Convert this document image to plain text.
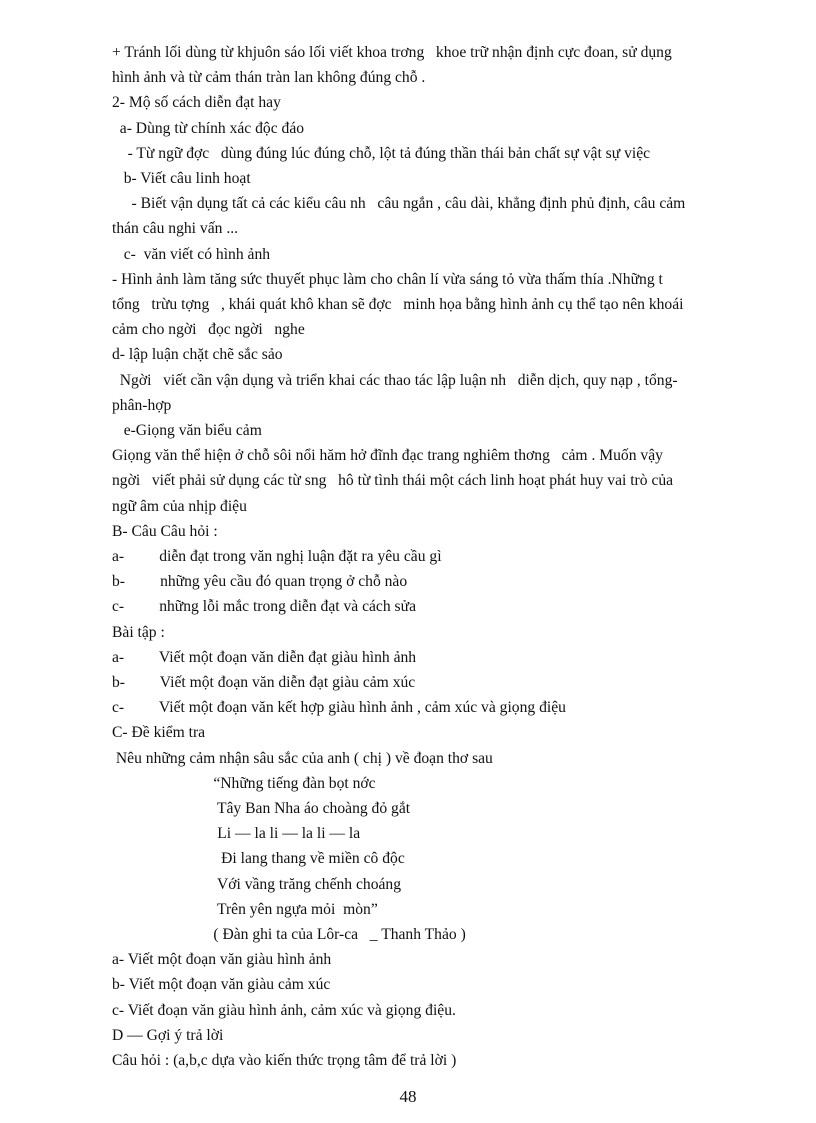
+ Tránh lối dùng từ khjuôn sáo lối viết khoa trơng   khoe trữ nhận định cực đoan, sử dụng
hình ảnh và từ cảm thán tràn lan không đúng chỗ .
2- Mộ số cách diễn đạt hay
a- Dùng từ chính xác độc đáo
- Từ ngữ đợc   dùng đúng lúc đúng chỗ, lột tả đúng thần thái bản chất sự vật sự việc
b- Viết câu linh hoạt
- Biết vận dụng tất cả các kiểu câu nh   câu ngắn , câu dài, khẳng định phủ định, câu cảm
thán câu nghi vấn ...
c-  văn viết có hình ảnh
- Hình ảnh làm tăng sức thuyết phục làm cho chân lí vừa sáng tỏ vừa thấm thía .Những t
tổng   trừu tợng   , khái quát khô khan sẽ đợc   minh họa bằng hình ảnh cụ thể tạo nên khoái
cảm cho ngời   đọc ngời   nghe
d- lập luận chặt chẽ sắc sảo
Ngời   viết cần vận dụng và triển khai các thao tác lập luận nh   diễn dịch, quy nạp , tổng-
phân-hợp
e-Giọng văn biểu cảm
Giọng văn thể hiện ở chỗ sôi nổi hăm hở đĩnh đạc trang nghiêm thơng   cảm . Muốn vậy
ngời   viết phải sử dụng các từ sng   hô từ tình thái một cách linh hoạt phát huy vai trò của
ngữ âm của nhịp điệu
B- Câu Câu hỏi :
a-         diễn đạt trong văn nghị luận đặt ra yêu cầu gì
b-         những yêu cầu đó quan trọng ở chỗ nào
c-         những lỗi mắc trong diễn đạt và cách sửa
Bài tập :
a-         Viết một đoạn văn diễn đạt giàu hình ảnh
b-         Viết một đoạn văn diễn đạt giàu cảm xúc
c-         Viết một đoạn văn kết hợp giàu hình ảnh , cảm xúc và giọng điệu
C- Đề kiểm tra
Nêu những cảm nhận sâu sắc của anh ( chị ) về đoạn thơ sau
“Những tiếng đàn bọt nớc
Tây Ban Nha áo choàng đỏ gắt
Li — la li — la li — la
Đi lang thang về miền cô độc
Với vầng trăng chếnh choáng
Trên yên ngựa mỏi  mòn”
( Đàn ghi ta của Lôr-ca   _ Thanh Thảo )
a- Viết một đoạn văn giàu hình ảnh
b- Viết một đoạn văn giàu cảm xúc
c- Viết đoạn văn giàu hình ảnh, cảm xúc và giọng điệu.
D — Gợi ý trả lời
Câu hỏi : (a,b,c dựa vào kiến thức trọng tâm để trả lời )
48
